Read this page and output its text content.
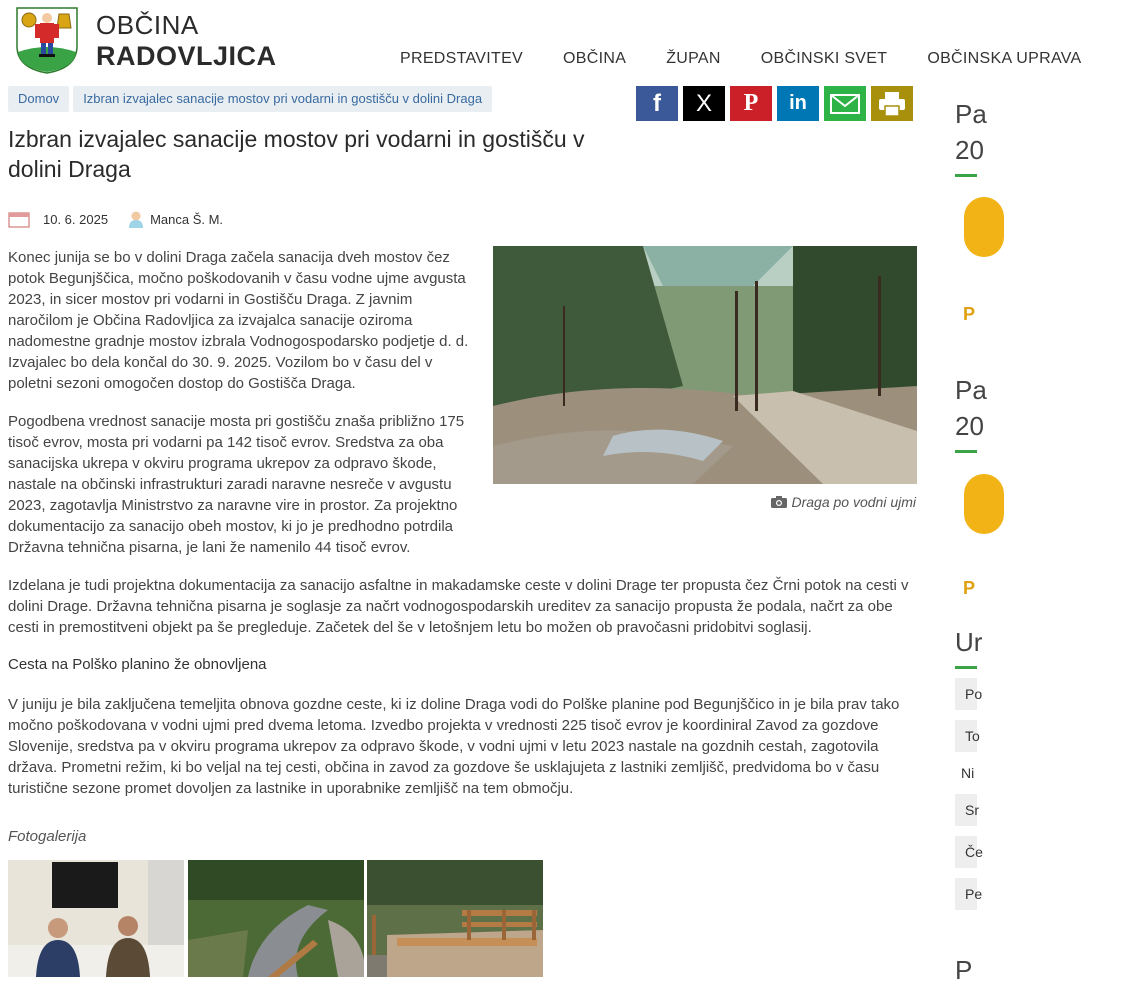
OBČINA
RADOVLJICA	PREDSTAVITEV	OBČINA	ŽUPAN	OBČINSKI SVET	OBČINSKA UPRAVA
Domov	Izbran izvajalec sanacije mostov pri vodarni in gostišču v dolini Draga	f X P in
Izbran izvajalec sanacije mostov pri vodarni in gostišču v dolini Draga
10. 6. 2025	Manca Š. M.

Konec junija se bo v dolini Draga začela sanacija dveh mostov čez potok Begunjščica, močno poškodovanih v času vodne ujme avgusta 2023, in sicer mostov pri vodarni in Gostišču Draga. Z javnim naročilom je Občina Radovljica za izvajalca sanacije oziroma nadomestne gradnje mostov izbrala Vodnogospodarsko podjetje d. d. Izvajalec bo dela končal do 30. 9. 2025. Vozilom bo v času del v poletni sezoni omogočen dostop do Gostišča Draga.

Pogodbena vrednost sanacije mosta pri gostišču znaša približno 175 tisoč evrov, mosta pri vodarni pa 142 tisoč evrov. Sredstva za oba sanacijska ukrepa v okviru programa ukrepov za odpravo škode, nastale na občinski infrastrukturi zaradi naravne nesreče v avgustu 2023, zagotavlja Ministrstvo za naravne vire in prostor. Za projektno dokumentacijo za sanacijo obeh mostov, ki jo je predhodno potrdila Državna tehnična pisarna, je lani že namenilo 44 tisoč evrov.

Izdelana je tudi projektna dokumentacija za sanacijo asfaltne in makadamske ceste v dolini Drage ter propusta čez Črni potok na cesti v dolini Drage. Državna tehnična pisarna je soglasje za načrt vodnogospodarskih ureditev za sanacijo propusta že podala, načrt za obe cesti in premostitveni objekt pa še pregleduje. Začetek del še v letošnjem letu bo možen ob pravočasni pridobitvi soglasij.

Cesta na Polško planino že obnovljena

V juniju je bila zaključena temeljita obnova gozdne ceste, ki iz doline Draga vodi do Polške planine pod Begunjščico in je bila prav tako močno poškodovana v vodni ujmi pred dvema letoma. Izvedbo projekta v vrednosti 225 tisoč evrov je koordiniral Zavod za gozdove Slovenije, sredstva pa v okviru programa ukrepov za odpravo škode, v vodni ujmi v letu 2023 nastale na gozdnih cestah, zagotovila država. Prometni režim, ki bo veljal na tej cesti, občina in zavod za gozdove še usklajujeta z lastniki zemljišč, predvidoma bo v času turistične sezone promet dovoljen za lastnike in uporabnike zemljišč na tem območju.

Draga po vodni ujmi
Fotogalerija
Pa
20
P
Pa
20
P
Ur
Po
To
Ni
Sr
Če
Pe
P
